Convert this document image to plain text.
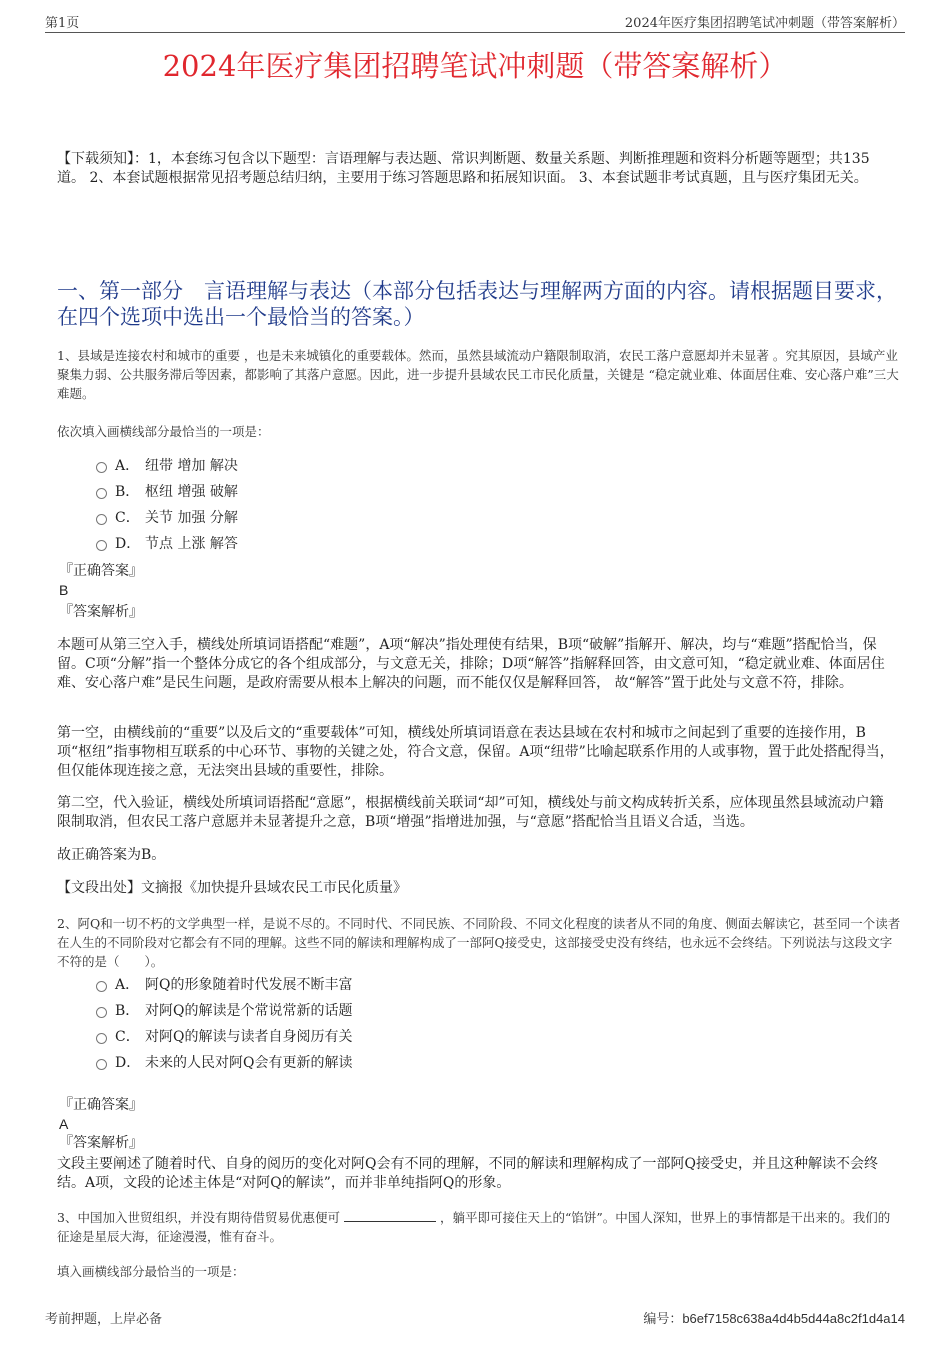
第1页	2024年医疗集团招聘笔试冲刺题（带答案解析）
2024年医疗集团招聘笔试冲刺题（带答案解析）
【下载须知】：1，本套练习包含以下题型：言语理解与表达题、常识判断题、数量关系题、判断推理题和资料分析题等题型；共135道。 2、本套试题根据常见招考题总结归纳，主要用于练习答题思路和拓展知识面。 3、本套试题非考试真题，且与医疗集团无关。
一、第一部分　言语理解与表达（本部分包括表达与理解两方面的内容。请根据题目要求，在四个选项中选出一个最恰当的答案。）
1、县域是连接农村和城市的重要 ，也是未来城镇化的重要载体。然而，虽然县域流动户籍限制取消，农民工落户意愿却并未显著 。究其原因，县域产业聚集力弱、公共服务滞后等因素，都影响了其落户意愿。因此，进一步提升县域农民工市民化质量，关键是 “稳定就业难、体面居住难、安心落户难”三大难题。
依次填入画横线部分最恰当的一项是：
A． 纽带 增加 解决
B． 枢纽 增强 破解
C． 关节 加强 分解
D． 节点 上涨 解答
『正确答案』
B
『答案解析』
本题可从第三空入手，横线处所填词语搭配“难题”，A项“解决”指处理使有结果，B项“破解”指解开、解决，均与“难题”搭配恰当，保留。C项“分解”指一个整体分成它的各个组成部分，与文意无关，排除；D项“解答”指解释回答，由文意可知，“稳定就业难、体面居住难、安心落户难”是民生问题，是政府需要从根本上解决的问题，而不能仅仅是解释回答， 故“解答”置于此处与文意不符，排除。
第一空，由横线前的“重要”以及后文的“重要载体”可知，横线处所填词语意在表达县域在农村和城市之间起到了重要的连接作用，B项“枢纽”指事物相互联系的中心环节、事物的关键之处，符合文意，保留。A项“纽带”比喻起联系作用的人或事物，置于此处搭配得当，但仅能体现连接之意，无法突出县域的重要性，排除。
第二空，代入验证，横线处所填词语搭配“意愿”，根据横线前关联词“却”可知，横线处与前文构成转折关系，应体现虽然县域流动户籍限制取消，但农民工落户意愿并未显著提升之意，B项“增强”指增进加强，与“意愿”搭配恰当且语义合适，当选。
故正确答案为B。
【文段出处】文摘报《加快提升县域农民工市民化质量》
2、阿Q和一切不朽的文学典型一样，是说不尽的。不同时代、不同民族、不同阶段、不同文化程度的读者从不同的角度、侧面去解读它，甚至同一个读者在人生的不同阶段对它都会有不同的理解。这些不同的解读和理解构成了一部阿Q接受史，这部接受史没有终结，也永远不会终结。下列说法与这段文字不符的是（　　）。
A． 阿Q的形象随着时代发展不断丰富
B． 对阿Q的解读是个常说常新的话题
C． 对阿Q的解读与读者自身阅历有关
D． 未来的人民对阿Q会有更新的解读
『正确答案』
A
『答案解析』
文段主要阐述了随着时代、自身的阅历的变化对阿Q会有不同的理解，不同的解读和理解构成了一部阿Q接受史，并且这种解读不会终结。A项，文段的论述主体是“对阿Q的解读”，而并非单纯指阿Q的形象。
3、中国加入世贸组织，并没有期待借贸易优惠便可	，躺平即可接住天上的“馅饼”。中国人深知，世界上的事情都是干出来的。我们的征途是星辰大海，征途漫漫，惟有奋斗。
填入画横线部分最恰当的一项是：
考前押题，上岸必备	编号：b6ef7158c638a4d4b5d44a8c2f1d4a14
